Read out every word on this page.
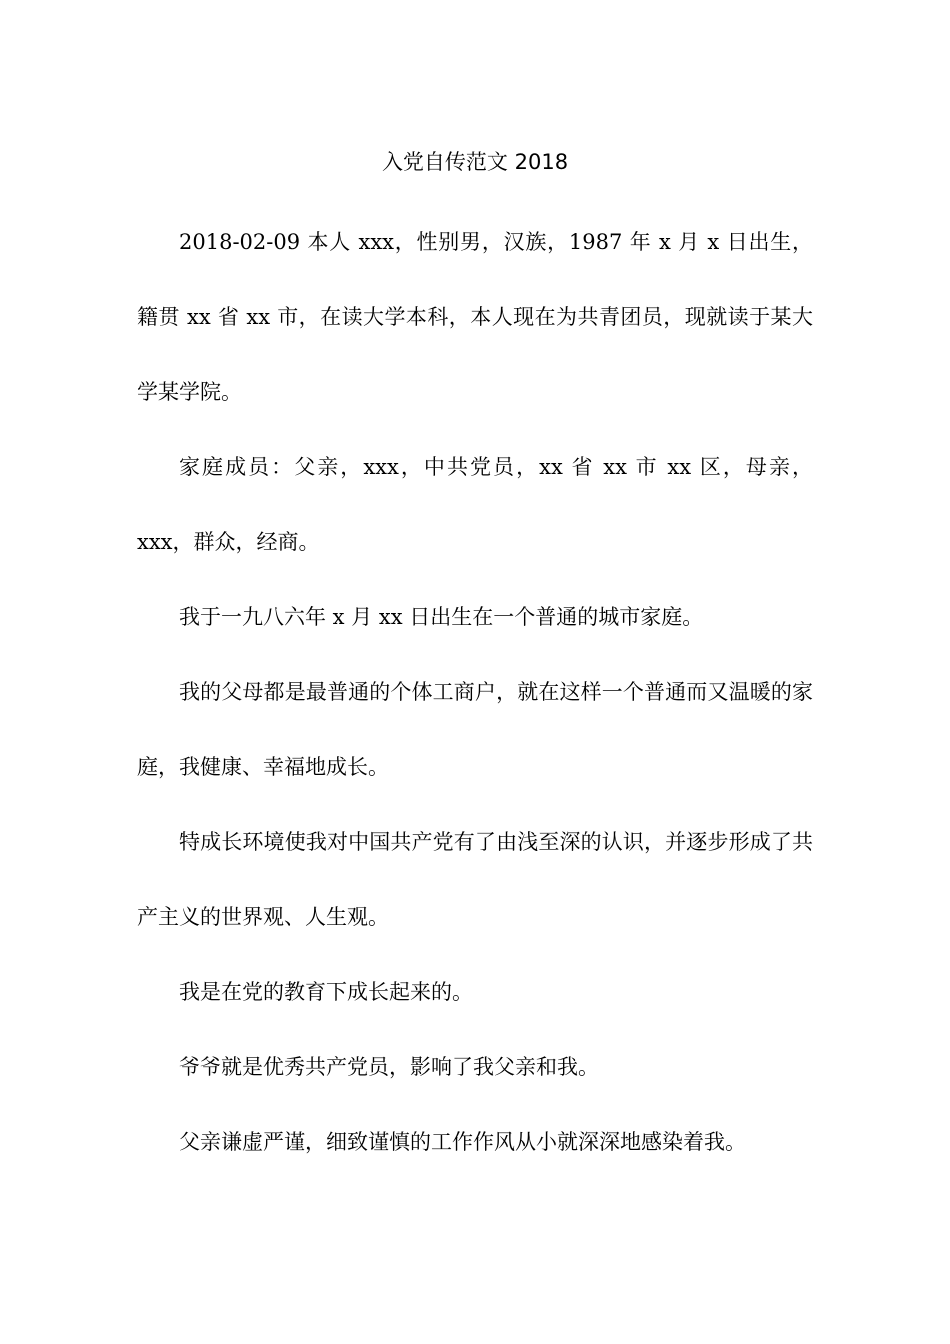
入党自传范文 2018

2018-02-09 本人 xxx，性别男，汉族，1987 年 x 月 x 日出生，籍贯 xx 省 xx 市，在读大学本科，本人现在为共青团员，现就读于某大学某学院。

家庭成员：父亲，xxx，中共党员，xx 省 xx 市 xx 区，母亲，xxx，群众，经商。

我于一九八六年 x 月 xx 日出生在一个普通的城市家庭。

我的父母都是最普通的个体工商户，就在这样一个普通而又温暖的家庭，我健康、幸福地成长。

特成长环境使我对中国共产党有了由浅至深的认识，并逐步形成了共产主义的世界观、人生观。

我是在党的教育下成长起来的。

爷爷就是优秀共产党员，影响了我父亲和我。

父亲谦虚严谨，细致谨慎的工作作风从小就深深地感染着我。
